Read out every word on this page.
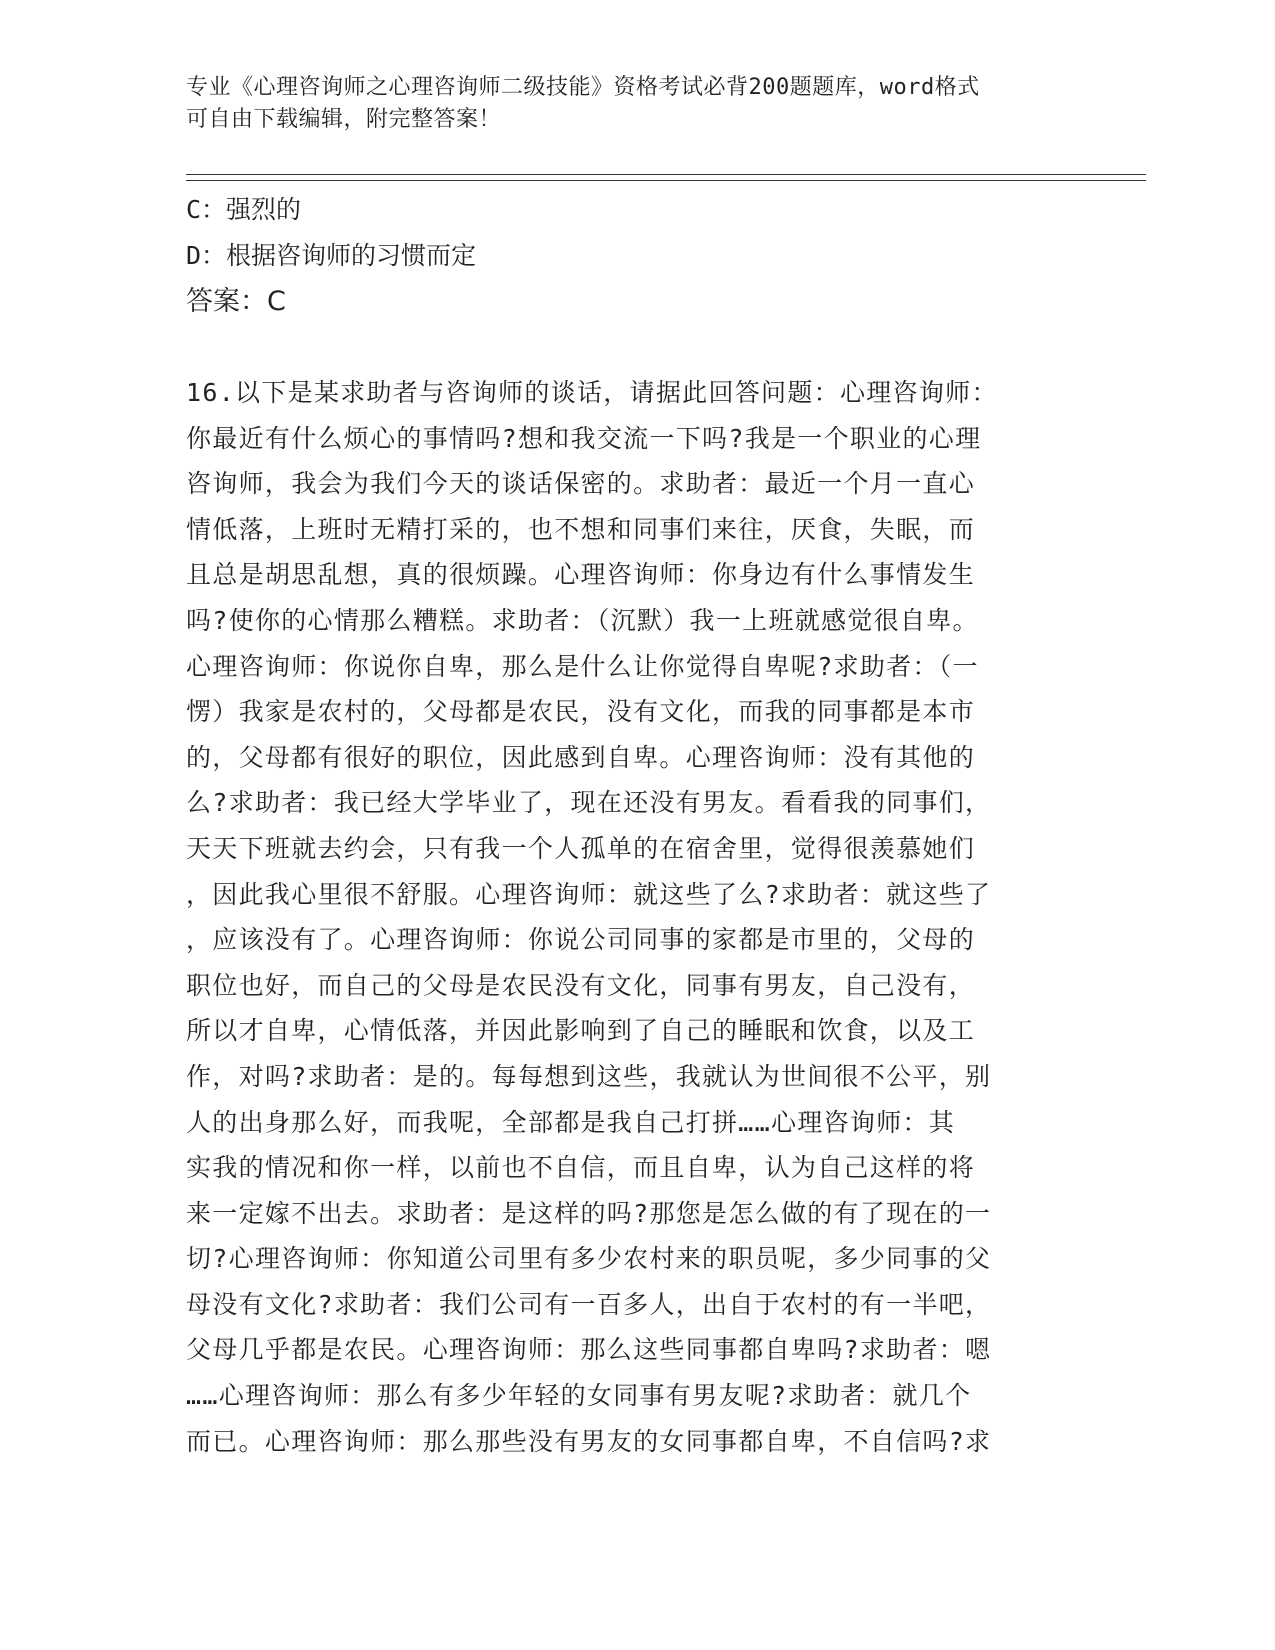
专业《心理咨询师之心理咨询师二级技能》资格考试必背200题题库，word格式
可自由下载编辑，附完整答案！
C：强烈的
D：根据咨询师的习惯而定
答案：C
16.以下是某求助者与咨询师的谈话，请据此回答问题：心理咨询师：
你最近有什么烦心的事情吗?想和我交流一下吗?我是一个职业的心理
咨询师，我会为我们今天的谈话保密的。求助者：最近一个月一直心
情低落，上班时无精打采的，也不想和同事们来往，厌食，失眠，而
且总是胡思乱想，真的很烦躁。心理咨询师：你身边有什么事情发生
吗?使你的心情那么糟糕。求助者：（沉默）我一上班就感觉很自卑。
心理咨询师：你说你自卑，那么是什么让你觉得自卑呢?求助者：（一
愣）我家是农村的，父母都是农民，没有文化，而我的同事都是本市
的，父母都有很好的职位，因此感到自卑。心理咨询师：没有其他的
么?求助者：我已经大学毕业了，现在还没有男友。看看我的同事们，
天天下班就去约会，只有我一个人孤单的在宿舍里，觉得很羡慕她们
，因此我心里很不舒服。心理咨询师：就这些了么?求助者：就这些了
，应该没有了。心理咨询师：你说公司同事的家都是市里的，父母的
职位也好，而自己的父母是农民没有文化，同事有男友，自己没有，
所以才自卑，心情低落，并因此影响到了自己的睡眠和饮食，以及工
作，对吗?求助者：是的。每每想到这些，我就认为世间很不公平，别
人的出身那么好，而我呢，全部都是我自己打拼……心理咨询师：其
实我的情况和你一样，以前也不自信，而且自卑，认为自己这样的将
来一定嫁不出去。求助者：是这样的吗?那您是怎么做的有了现在的一
切?心理咨询师：你知道公司里有多少农村来的职员呢，多少同事的父
母没有文化?求助者：我们公司有一百多人，出自于农村的有一半吧，
父母几乎都是农民。心理咨询师：那么这些同事都自卑吗?求助者：嗯
……心理咨询师：那么有多少年轻的女同事有男友呢?求助者：就几个
而已。心理咨询师：那么那些没有男友的女同事都自卑，不自信吗?求
